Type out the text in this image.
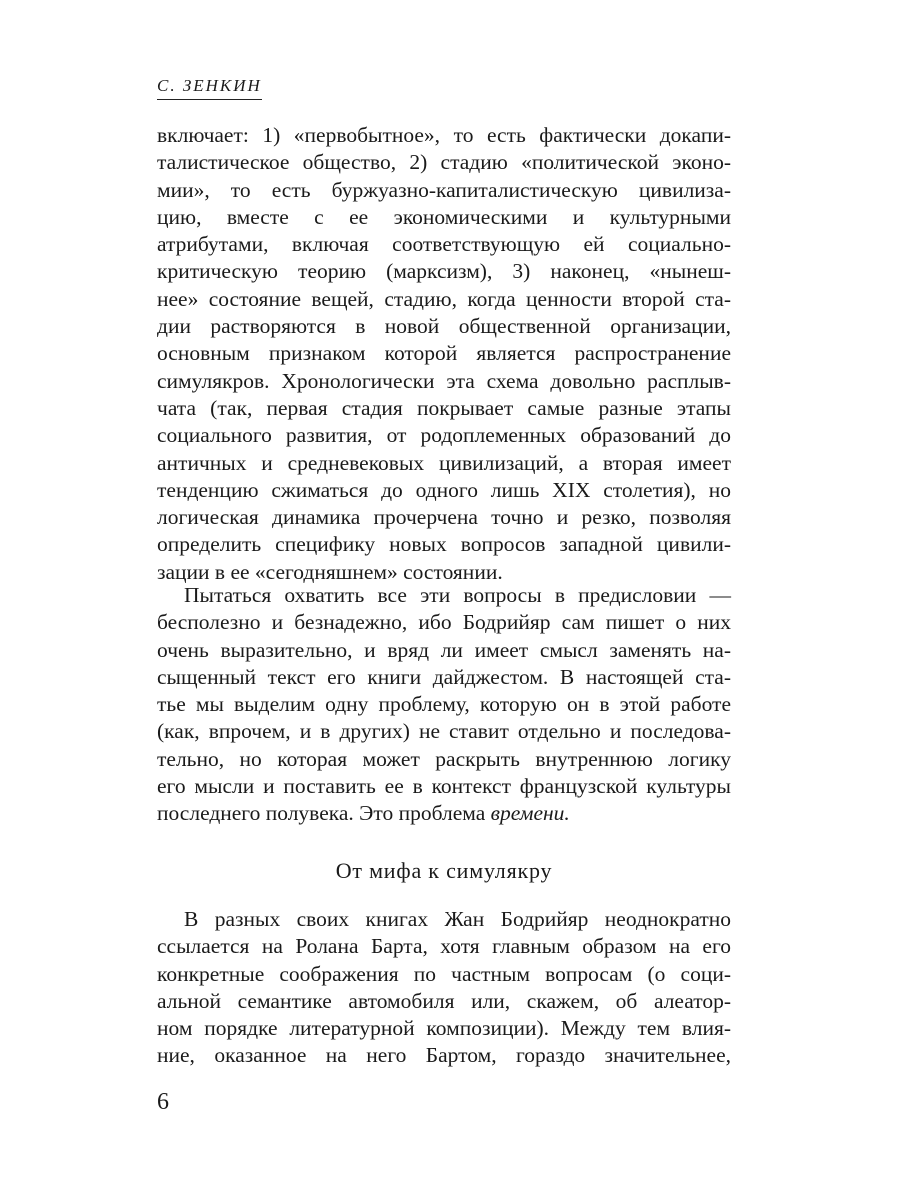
С. ЗЕНКИН
включает: 1) «первобытное», то есть фактически докапи-
талистическое общество, 2) стадию «политической эконо-
мии», то есть буржуазно-капиталистическую цивилиза-
цию, вместе с ее экономическими и культурными
атрибутами, включая соответствующую ей социально-
критическую теорию (марксизм), 3) наконец, «нынеш-
нее» состояние вещей, стадию, когда ценности второй ста-
дии растворяются в новой общественной организации,
основным признаком которой является распространение
симулякров. Хронологически эта схема довольно расплыв-
чата (так, первая стадия покрывает самые разные этапы
социального развития, от родоплеменных образований до
античных и средневековых цивилизаций, а вторая имеет
тенденцию сжиматься до одного лишь XIX столетия), но
логическая динамика прочерчена точно и резко, позволяя
определить специфику новых вопросов западной цивили-
зации в ее «сегодняшнем» состоянии.
Пытаться охватить все эти вопросы в предисловии —
бесполезно и безнадежно, ибо Бодрийяр сам пишет о них
очень выразительно, и вряд ли имеет смысл заменять на-
сыщенный текст его книги дайджестом. В настоящей ста-
тье мы выделим одну проблему, которую он в этой работе
(как, впрочем, и в других) не ставит отдельно и последова-
тельно, но которая может раскрыть внутреннюю логику
его мысли и поставить ее в контекст французской культуры
последнего полувека. Это проблема времени.
От мифа к симулякру
В разных своих книгах Жан Бодрийяр неоднократно
ссылается на Ролана Барта, хотя главным образом на его
конкретные соображения по частным вопросам (о соци-
альной семантике автомобиля или, скажем, об алеатор-
ном порядке литературной композиции). Между тем влия-
ние, оказанное на него Бартом, гораздо значительнее,
6
